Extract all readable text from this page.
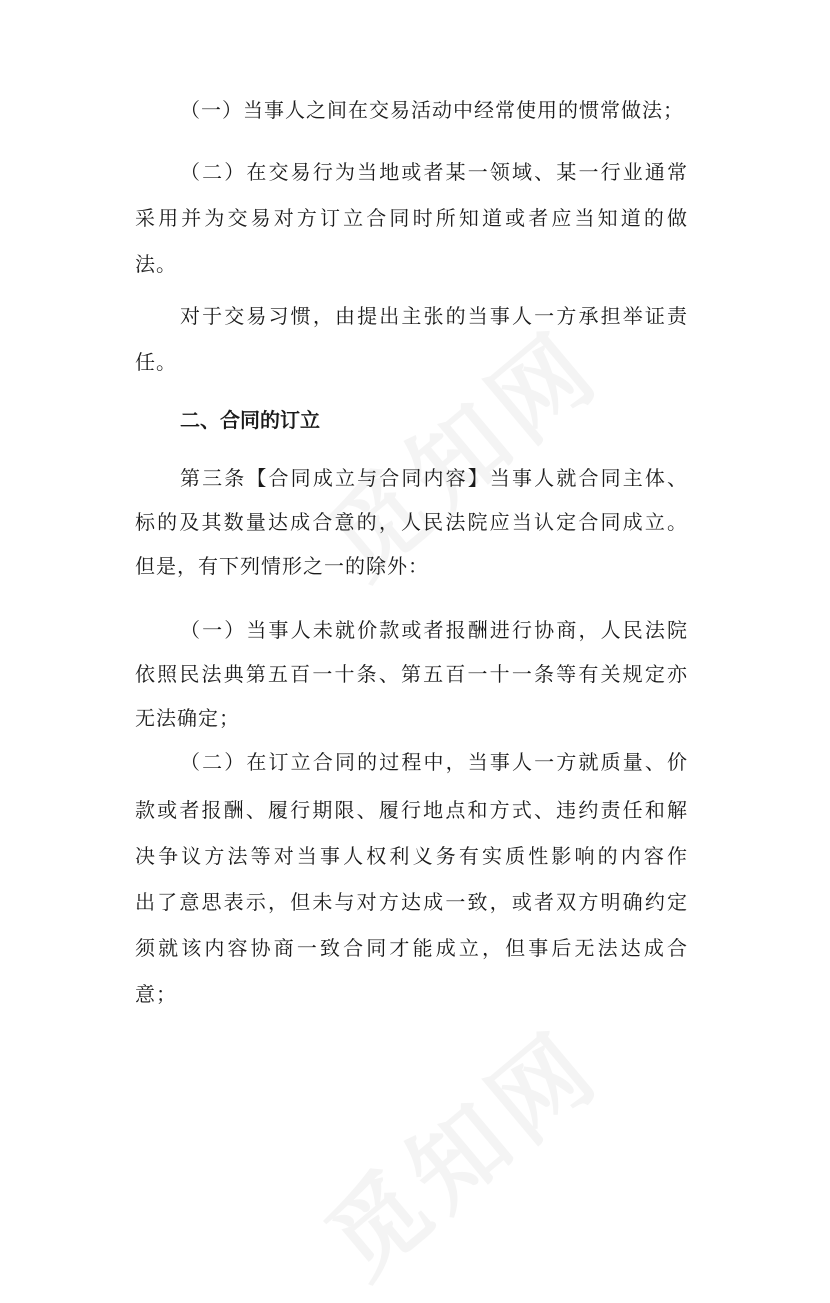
（一）当事人之间在交易活动中经常使用的惯常做法；
（二）在交易行为当地或者某一领域、某一行业通常
采用并为交易对方订立合同时所知道或者应当知道的做
法。
对于交易习惯，由提出主张的当事人一方承担举证责
任。
二、合同的订立
第三条【合同成立与合同内容】当事人就合同主体、
标的及其数量达成合意的，人民法院应当认定合同成立。
但是，有下列情形之一的除外：
（一）当事人未就价款或者报酬进行协商，人民法院
依照民法典第五百一十条、第五百一十一条等有关规定亦
无法确定；
（二）在订立合同的过程中，当事人一方就质量、价
款或者报酬、履行期限、履行地点和方式、违约责任和解
决争议方法等对当事人权利义务有实质性影响的内容作
出了意思表示，但未与对方达成一致，或者双方明确约定
须就该内容协商一致合同才能成立，但事后无法达成合
意；
